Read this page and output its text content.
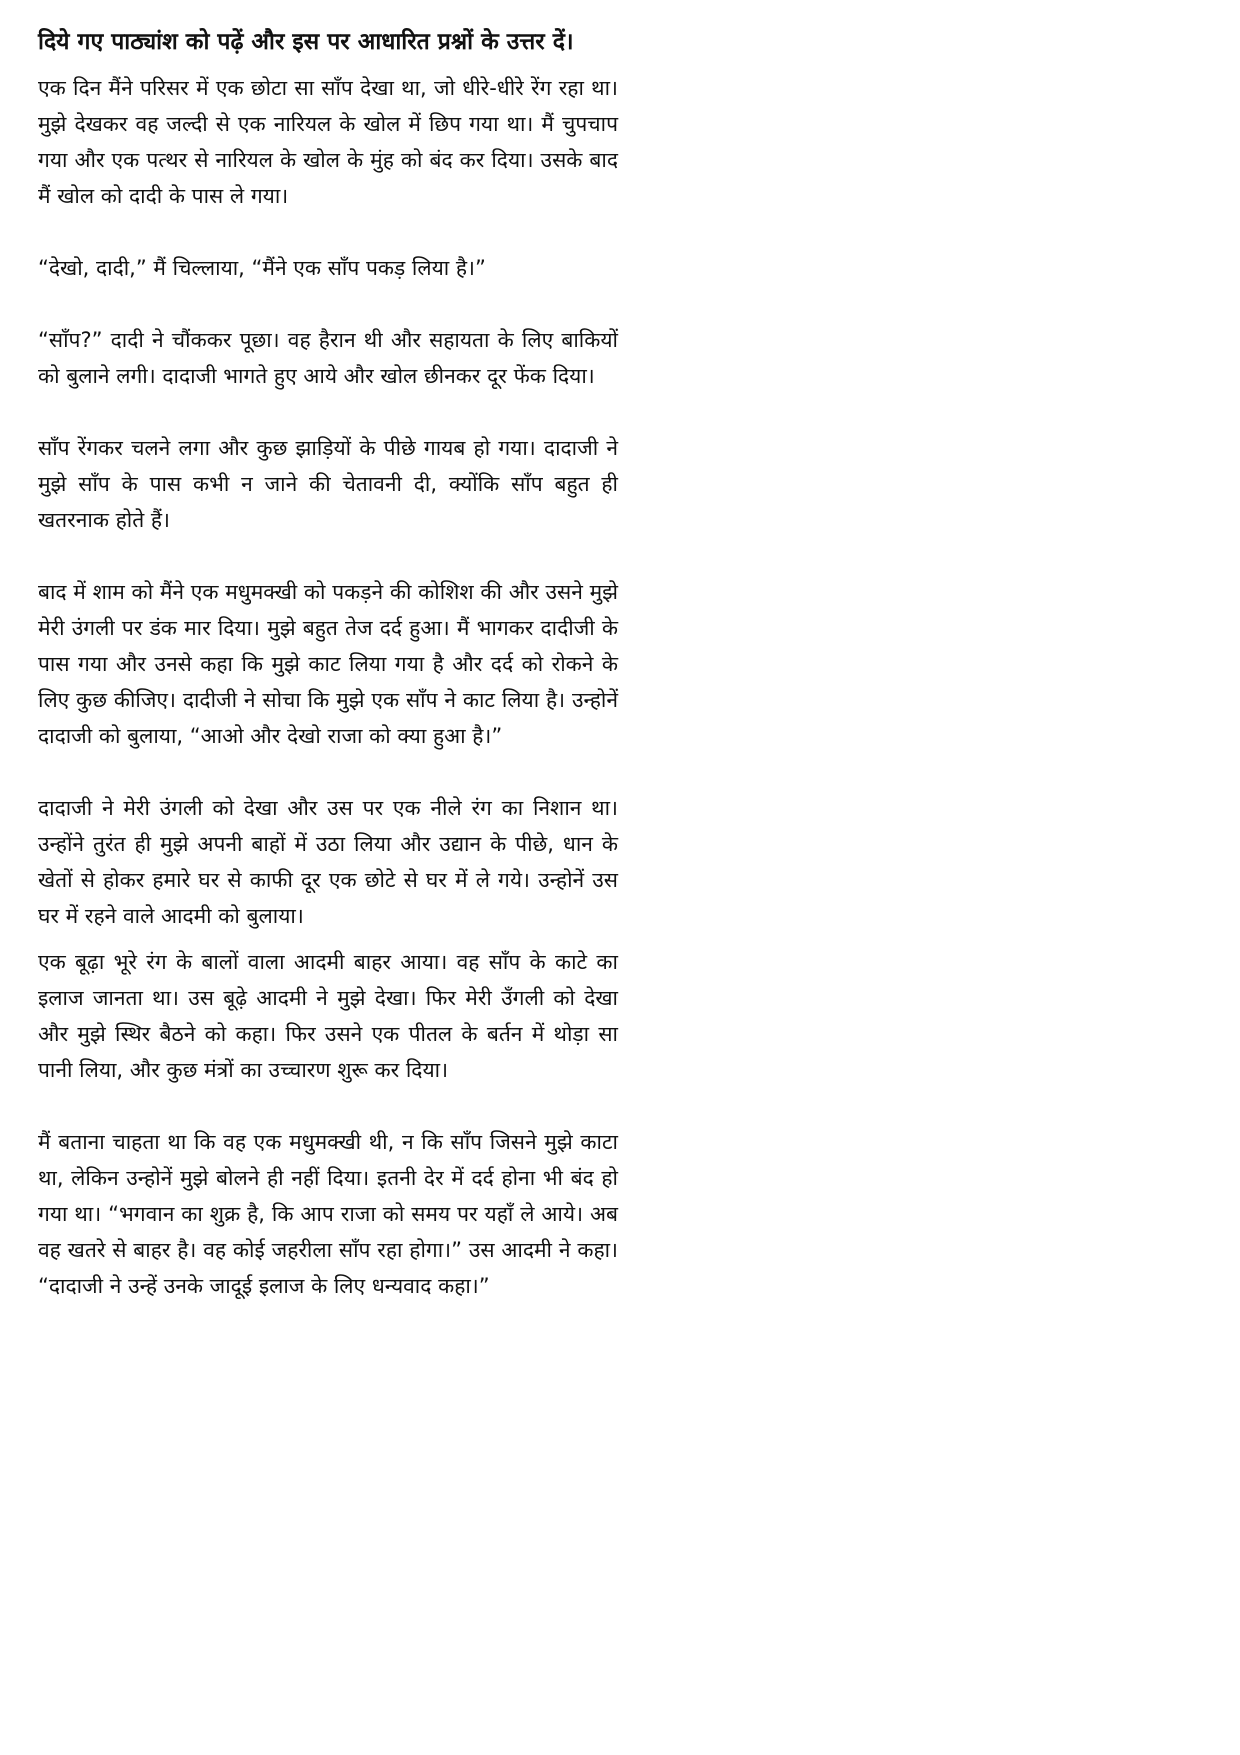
दिये गए पाठ्यांश को पढ़ें और इस पर आधारित प्रश्नों के उत्तर दें।

एक दिन मैंने परिसर में एक छोटा सा साँप देखा था, जो धीरे-धीरे रेंग रहा था। मुझे देखकर वह जल्दी से एक नारियल के खोल में छिप गया था। मैं चुपचाप गया और एक पत्थर से नारियल के खोल के मुंह को बंद कर दिया। उसके बाद मैं खोल को दादी के पास ले गया।

“देखो, दादी,” मैं चिल्लाया, “मैंने एक साँप पकड़ लिया है।”

“साँप?” दादी ने चौंककर पूछा। वह हैरान थी और सहायता के लिए बाकियों को बुलाने लगी। दादाजी भागते हुए आये और खोल छीनकर दूर फेंक दिया।

साँप रेंगकर चलने लगा और कुछ झाड़ियों के पीछे गायब हो गया। दादाजी ने मुझे साँप के पास कभी न जाने की चेतावनी दी, क्योंकि साँप बहुत ही खतरनाक होते हैं।

बाद में शाम को मैंने एक मधुमक्खी को पकड़ने की कोशिश की और उसने मुझे मेरी उंगली पर डंक मार दिया। मुझे बहुत तेज दर्द हुआ। मैं भागकर दादीजी के पास गया और उनसे कहा कि मुझे काट लिया गया है और दर्द को रोकने के लिए कुछ कीजिए। दादीजी ने सोचा कि मुझे एक साँप ने काट लिया है। उन्होनें दादाजी को बुलाया, “आओ और देखो राजा को क्या हुआ है।”

दादाजी ने मेरी उंगली को देखा और उस पर एक नीले रंग का निशान था। उन्होंने तुरंत ही मुझे अपनी बाहों में उठा लिया और उद्यान के पीछे, धान के खेतों से होकर हमारे घर से काफी दूर एक छोटे से घर में ले गये। उन्होनें उस घर में रहने वाले आदमी को बुलाया।

एक बूढ़ा भूरे रंग के बालों वाला आदमी बाहर आया। वह साँप के काटे का इलाज जानता था। उस बूढ़े आदमी ने मुझे देखा। फिर मेरी उँगली को देखा और मुझे स्थिर बैठने को कहा। फिर उसने एक पीतल के बर्तन में थोड़ा सा पानी लिया, और कुछ मंत्रों का उच्चारण शुरू कर दिया।

मैं बताना चाहता था कि वह एक मधुमक्खी थी, न कि साँप जिसने मुझे काटा था, लेकिन उन्होनें मुझे बोलने ही नहीं दिया। इतनी देर में दर्द होना भी बंद हो गया था। “भगवान का शुक्र है, कि आप राजा को समय पर यहाँ ले आये। अब वह खतरे से बाहर है। वह कोई जहरीला साँप रहा होगा।” उस आदमी ने कहा। “दादाजी ने उन्हें उनके जादूई इलाज के लिए धन्यवाद कहा।”
